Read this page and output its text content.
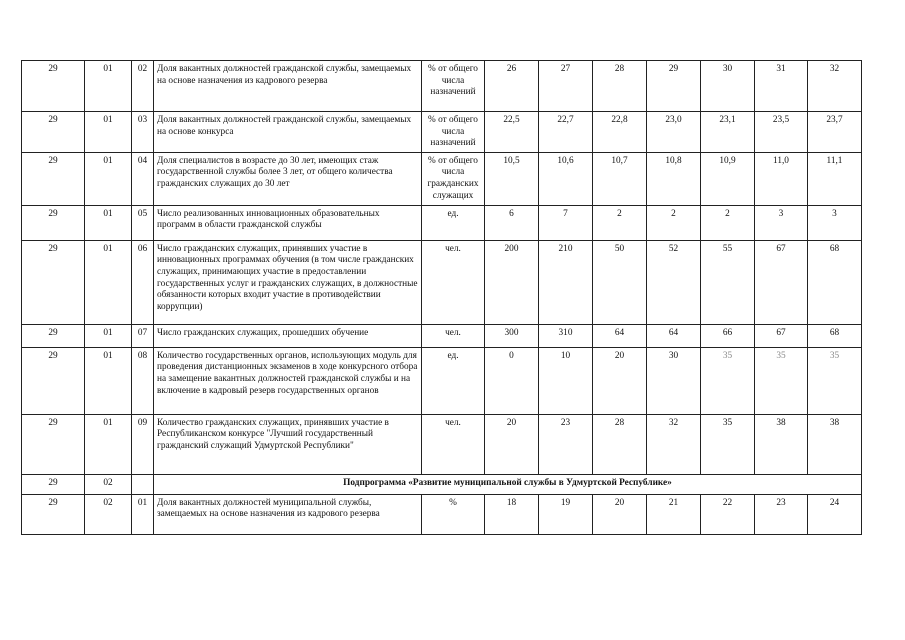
29	01	02	Доля вакантных должностей гражданской службы, замещаемых на основе назначения из кадрового резерва	% от общего числа назначений	26	27	28	29	30	31	32
29	01	03	Доля вакантных должностей гражданской службы, замещаемых на основе конкурса	% от общего числа назначений	22,5	22,7	22,8	23,0	23,1	23,5	23,7
29	01	04	Доля специалистов в возрасте до 30 лет, имеющих стаж государственной службы более 3 лет, от общего количества гражданских служащих до 30 лет	% от общего числа гражданских служащих	10,5	10,6	10,7	10,8	10,9	11,0	11,1
29	01	05	Число реализованных инновационных образовательных программ в области гражданской службы	ед.	6	7	2	2	2	3	3
29	01	06	Число гражданских служащих, принявших участие в инновационных программах обучения (в том числе гражданских служащих, принимающих участие в предоставлении государственных услуг и гражданских служащих, в должностные обязанности которых входит участие в противодействии коррупции)	чел.	200	210	50	52	55	67	68
29	01	07	Число гражданских служащих, прошедших обучение	чел.	300	310	64	64	66	67	68
29	01	08	Количество государственных органов, использующих модуль для проведения дистанционных экзаменов в ходе конкурсного отбора на замещение вакантных должностей гражданской службы и на включение в кадровый резерв государственных органов	ед.	0	10	20	30	35	35	35
29	01	09	Количество гражданских служащих, принявших участие в Республиканском конкурсе "Лучший государственный гражданский служащий Удмуртской Республики"	чел.	20	23	28	32	35	38	38
29	02		Подпрограмма «Развитие муниципальной службы в Удмуртской Республике»								
29	02	01	Доля вакантных должностей муниципальной службы, замещаемых на основе назначения из кадрового резерва	%	18	19	20	21	22	23	24
